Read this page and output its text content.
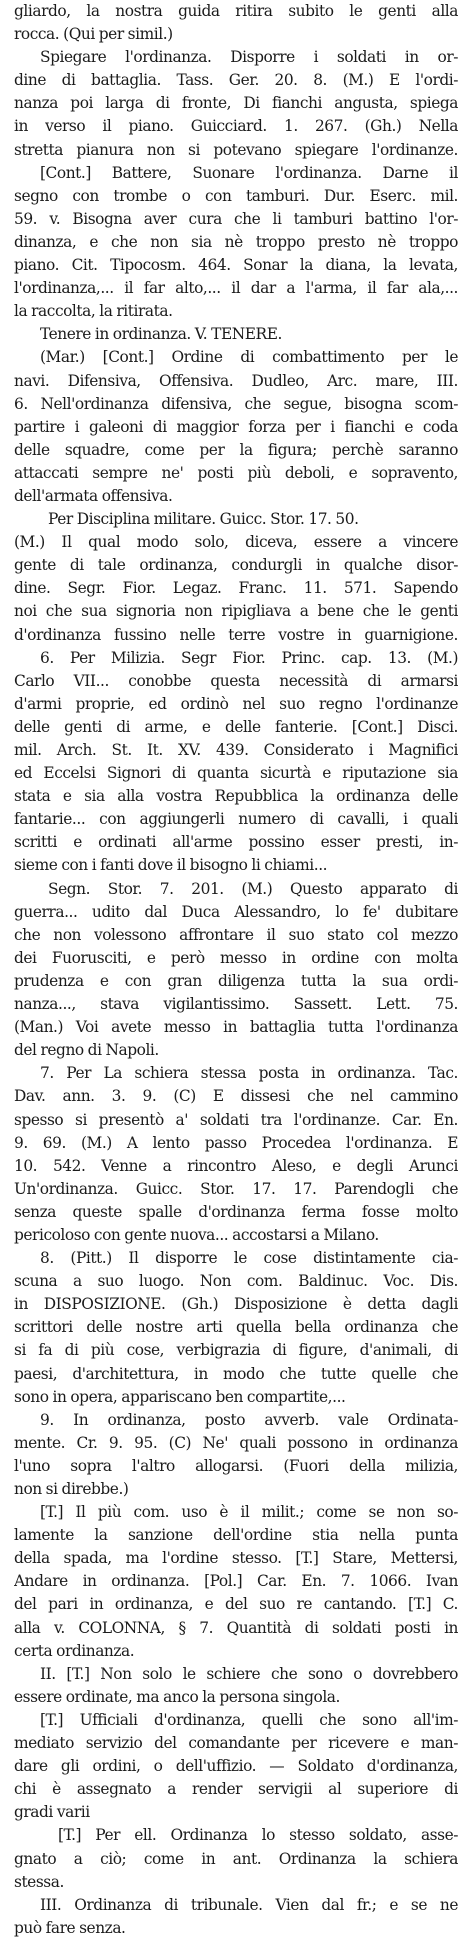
gliardo, la nostra guida ritira subito le genti alla
rocca. (Qui per simil.)
Spiegare l'ordinanza. Disporre i soldati in or-
dine di battaglia. Tass. Ger. 20. 8. (M.) E l'ordi-
nanza poi larga di fronte, Di fianchi angusta, spiega
in verso il piano. Guicciard. 1. 267. (Gh.) Nella
stretta pianura non si potevano spiegare l'ordinanze.
[Cont.] Battere, Suonare l'ordinanza. Darne il
segno con trombe o con tamburi. Dur. Eserc. mil.
59. v. Bisogna aver cura che li tamburi battino l'or-
dinanza, e che non sia nè troppo presto nè troppo
piano. Cit. Tipocosm. 464. Sonar la diana, la levata,
l'ordinanza,... il far alto,... il dar a l'arma, il far ala,...
la raccolta, la ritirata.
Tenere in ordinanza. V. TENERE.
(Mar.) [Cont.] Ordine di combattimento per le
navi. Difensiva, Offensiva. Dudleo, Arc. mare, III.
6. Nell'ordinanza difensiva, che segue, bisogna scom-
partire i galeoni di maggior forza per i fianchi e coda
delle squadre, come per la figura; perchè saranno
attaccati sempre ne' posti più deboli, e sopravento,
dell'armata offensiva.
Per Disciplina militare. Guicc. Stor. 17. 50.
(M.) Il qual modo solo, diceva, essere a vincere
gente di tale ordinanza, condurgli in qualche disor-
dine. Segr. Fior. Legaz. Franc. 11. 571. Sapendo
noi che sua signoria non ripigliava a bene che le genti
d'ordinanza fussino nelle terre vostre in guarnigione.
6. Per Milizia. Segr Fior. Princ. cap. 13. (M.)
Carlo VII... conobbe questa necessità di armarsi
d'armi proprie, ed ordinò nel suo regno l'ordinanze
delle genti di arme, e delle fanterie. [Cont.] Disci.
mil. Arch. St. It. XV. 439. Considerato i Magnifici
ed Eccelsi Signori di quanta sicurtà e riputazione sia
stata e sia alla vostra Repubblica la ordinanza delle
fantarie... con aggiungerli numero di cavalli, i quali
scritti e ordinati all'arme possino esser presti, in-
sieme con i fanti dove il bisogno li chiami...
Segn. Stor. 7. 201. (M.) Questo apparato di
guerra... udito dal Duca Alessandro, lo fe' dubitare
che non volessono affrontare il suo stato col mezzo
dei Fuorusciti, e però messo in ordine con molta
prudenza e con gran diligenza tutta la sua ordi-
nanza..., stava vigilantissimo. Sassett. Lett. 75.
(Man.) Voi avete messo in battaglia tutta l'ordinanza
del regno di Napoli.
7. Per La schiera stessa posta in ordinanza. Tac.
Dav. ann. 3. 9. (C) E dissesi che nel cammino
spesso si presentò a' soldati tra l'ordinanze. Car. En.
9. 69. (M.) A lento passo Procedea l'ordinanza. E
10. 542. Venne a rincontro Aleso, e degli Arunci
Un'ordinanza. Guicc. Stor. 17. 17. Parendogli che
senza queste spalle d'ordinanza ferma fosse molto
pericoloso con gente nuova... accostarsi a Milano.
8. (Pitt.) Il disporre le cose distintamente cia-
scuna a suo luogo. Non com. Baldinuc. Voc. Dis.
in DISPOSIZIONE. (Gh.) Disposizione è detta dagli
scrittori delle nostre arti quella bella ordinanza che
si fa di più cose, verbigrazia di figure, d'animali, di
paesi, d'architettura, in modo che tutte quelle che
sono in opera, appariscano ben compartite,...
9. In ordinanza, posto avverb. vale Ordinata-
mente. Cr. 9. 95. (C) Ne' quali possono in ordinanza
l'uno sopra l'altro allogarsi. (Fuori della milizia,
non si direbbe.)
[T.] Il più com. uso è il milit.; come se non so-
lamente la sanzione dell'ordine stia nella punta
della spada, ma l'ordine stesso. [T.] Stare, Mettersi,
Andare in ordinanza. [Pol.] Car. En. 7. 1066. Ivan
del pari in ordinanza, e del suo re cantando. [T.] C.
alla v. COLONNA, § 7. Quantità di soldati posti in
certa ordinanza.
II. [T.] Non solo le schiere che sono o dovrebbero
essere ordinate, ma anco la persona singola.
[T.] Ufficiali d'ordinanza, quelli che sono all'im-
mediato servizio del comandante per ricevere e man-
dare gli ordini, o dell'uffizio. — Soldato d'ordinanza,
chi è assegnato a render servigii al superiore di
gradi varii
[T.] Per ell. Ordinanza lo stesso soldato, asse-
gnato a ciò; come in ant. Ordinanza la schiera
stessa.
III. Ordinanza di tribunale. Vien dal fr.; e se ne
può fare senza.
